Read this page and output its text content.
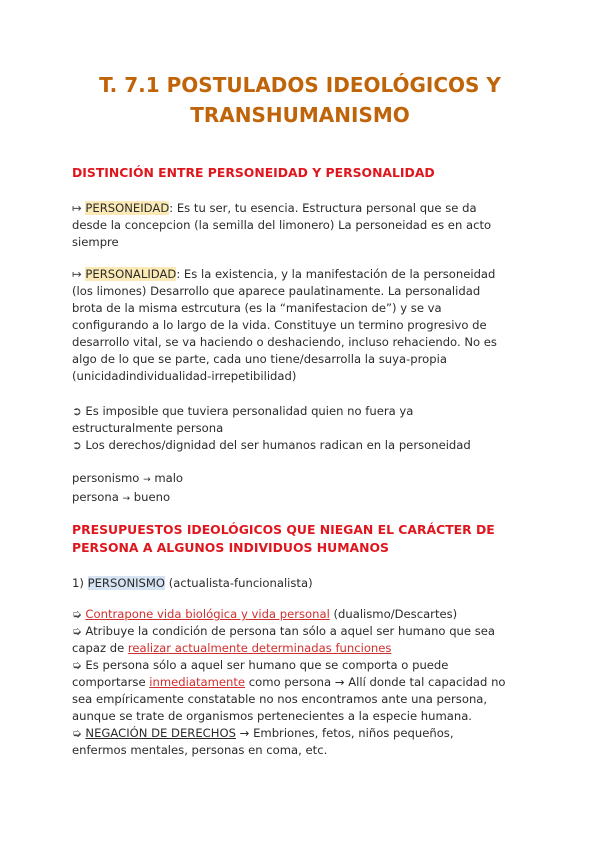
T. 7.1 POSTULADOS IDEOLÓGICOS Y
TRANSHUMANISMO
DISTINCIÓN ENTRE PERSONEIDAD Y PERSONALIDAD
↦ PERSONEIDAD: Es tu ser, tu esencia. Estructura personal que se da
desde la concepcion (la semilla del limonero) La personeidad es en acto
siempre
↦ PERSONALIDAD: Es la existencia, y la manifestación de la personeidad
(los limones) Desarrollo que aparece paulatinamente. La personalidad
brota de la misma estrcutura (es la “manifestacion de”) y se va
configurando a lo largo de la vida. Constituye un termino progresivo de
desarrollo vital, se va haciendo o deshaciendo, incluso rehaciendo. No es
algo de lo que se parte, cada uno tiene/desarrolla la suya-propia
(unicidadindividualidad-irrepetibilidad)
➲ Es imposible que tuviera personalidad quien no fuera ya
estructuralmente persona
➲ Los derechos/dignidad del ser humanos radican en la personeidad
personismo → malo
persona → bueno
PRESUPUESTOS IDEOLÓGICOS QUE NIEGAN EL CARÁCTER DE
PERSONA A ALGUNOS INDIVIDUOS HUMANOS
1) PERSONISMO (actualista-funcionalista)
➭ Contrapone vida biológica y vida personal (dualismo/Descartes)
➭ Atribuye la condición de persona tan sólo a aquel ser humano que sea
capaz de realizar actualmente determinadas funciones
➭ Es persona sólo a aquel ser humano que se comporta o puede
comportarse inmediatamente como persona → Allí donde tal capacidad no
sea empíricamente constatable no nos encontramos ante una persona,
aunque se trate de organismos pertenecientes a la especie humana.
➭ NEGACIÓN DE DERECHOS → Embriones, fetos, niños pequeños,
enfermos mentales, personas en coma, etc.
